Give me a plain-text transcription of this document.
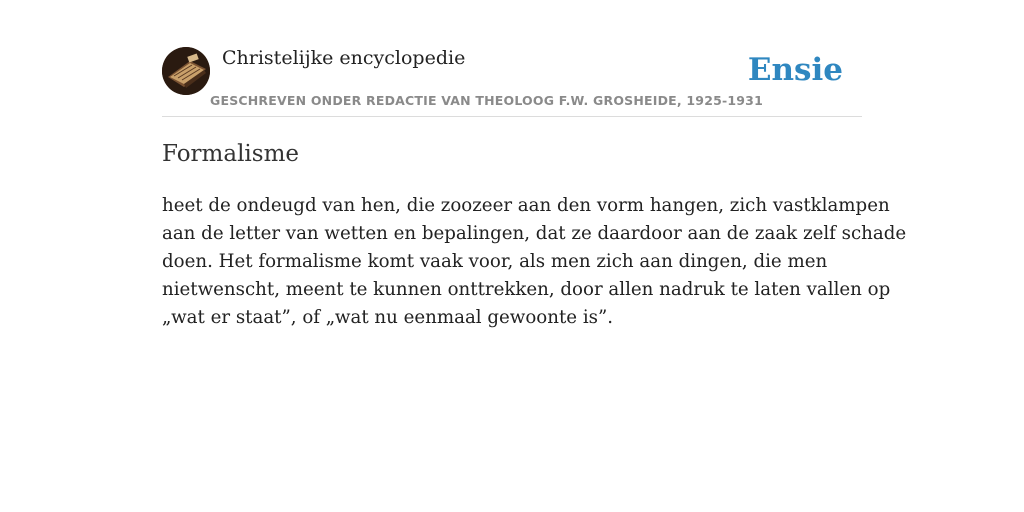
Christelijke encyclopedie
GESCHREVEN ONDER REDACTIE VAN THEOLOOG F.W. GROSHEIDE, 1925-1931
Ensie
Formalisme

heet de ondeugd van hen, die zoozeer aan den vorm hangen, zich vastklampen
aan de letter van wetten en bepalingen, dat ze daardoor aan de zaak zelf schade
doen. Het formalisme komt vaak voor, als men zich aan dingen, die men
nietwenscht, meent te kunnen onttrekken, door allen nadruk te laten vallen op
„wat er staat”, of „wat nu eenmaal gewoonte is”.
